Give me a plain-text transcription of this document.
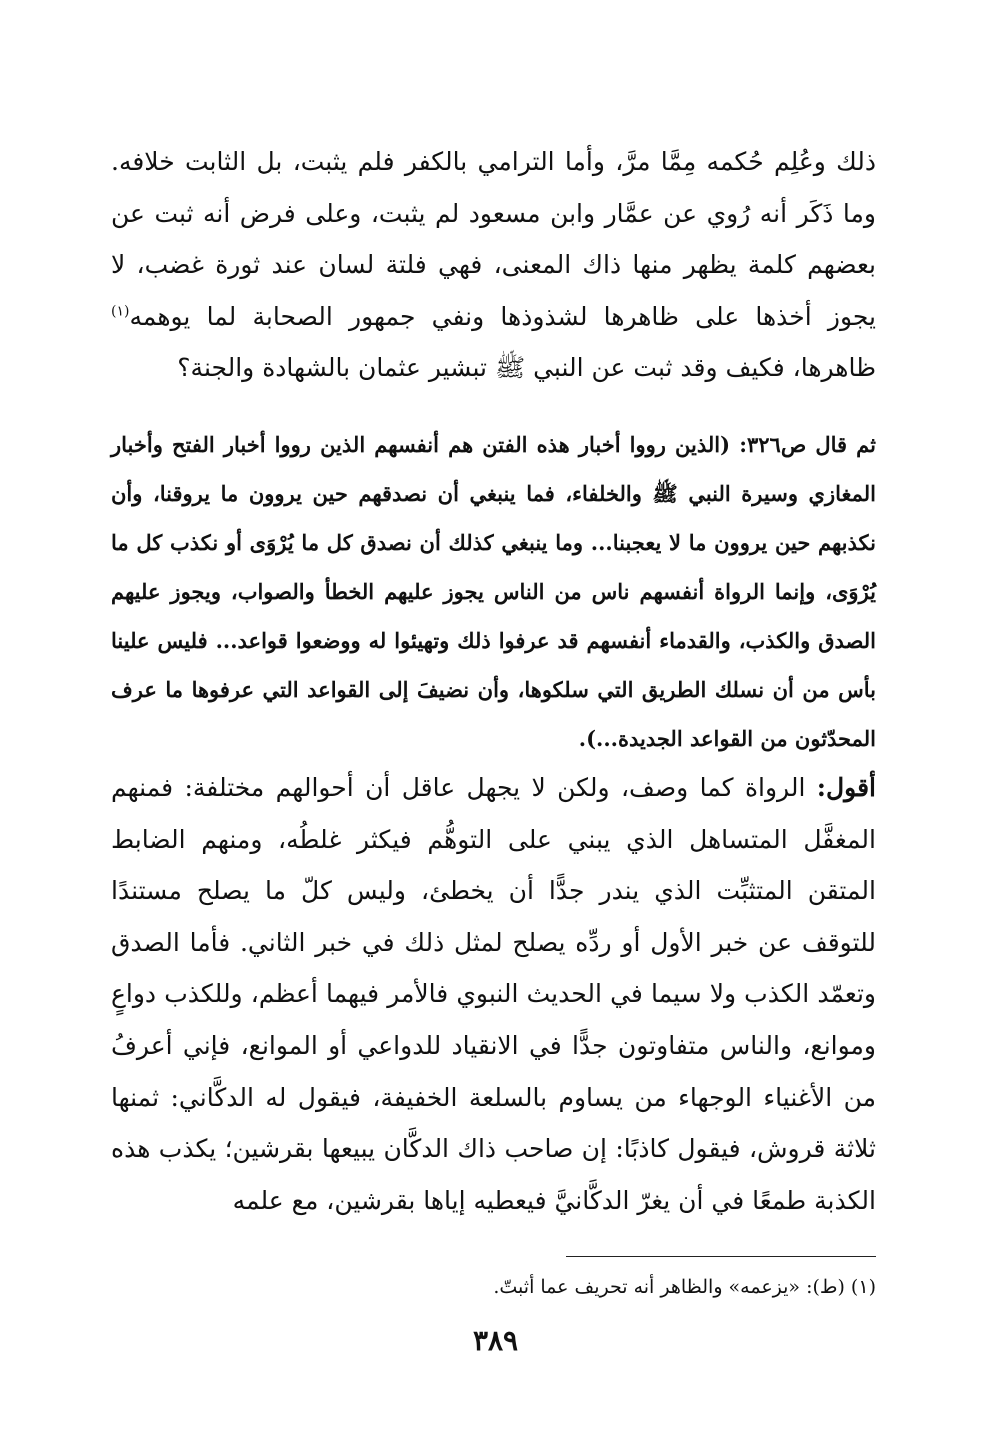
ذلك وعُلِم حُكمه مِمَّا مرَّ، وأما الترامي بالكفر فلم يثبت، بل الثابت خلافه. وما ذَكَر أنه رُوي عن عمَّار وابن مسعود لم يثبت، وعلى فرض أنه ثبت عن بعضهم كلمة يظهر منها ذاك المعنى، فهي فلتة لسان عند ثورة غضب، لا يجوز أخذها على ظاهرها لشذوذها ونفي جمهور الصحابة لما يوهمه$^{(١)}$ ظاهرها، فكيف وقد ثبت عن النبي ﷺ تبشير عثمان بالشهادة والجنة؟

ثم قال ص٣٢٦: (الذين رووا أخبار هذه الفتن هم أنفسهم الذين رووا أخبار الفتح وأخبار المغازي وسيرة النبي ﷺ والخلفاء، فما ينبغي أن نصدقهم حين يروون ما يروقنا، وأن نكذبهم حين يروون ما لا يعجبنا... وما ينبغي كذلك أن نصدق كل ما يُرْوَى أو نكذب كل ما يُرْوَى، وإنما الرواة أنفسهم ناس من الناس يجوز عليهم الخطأ والصواب، ويجوز عليهم الصدق والكذب، والقدماء أنفسهم قد عرفوا ذلك وتهيئوا له ووضعوا قواعد... فليس علينا بأس من أن نسلك الطريق التي سلكوها، وأن نضيفَ إلى القواعد التي عرفوها ما عرف المحدّثون من القواعد الجديدة...).

أقول: الرواة كما وصف، ولكن لا يجهل عاقل أن أحوالهم مختلفة: فمنهم المغفَّل المتساهل الذي يبني على التوهُّم فيكثر غلطُه، ومنهم الضابط المتقن المتثبِّت الذي يندر جدًّا أن يخطئ، وليس كلّ ما يصلح مستندًا للتوقف عن خبر الأول أو ردِّه يصلح لمثل ذلك في خبر الثاني. فأما الصدق وتعمّد الكذب ولا سيما في الحديث النبوي فالأمر فيهما أعظم، وللكذب دواعٍ وموانع، والناس متفاوتون جدًّا في الانقياد للدواعي أو الموانع، فإني أعرفُ من الأغنياء الوجهاء من يساوم بالسلعة الخفيفة، فيقول له الدكَّاني: ثمنها ثلاثة قروش، فيقول كاذبًا: إن صاحب ذاك الدكَّان يبيعها بقرشين؛ يكذب هذه الكذبة طمعًا في أن يغرّ الدكَّانيَّ فيعطيه إياها بقرشين، مع علمه

(١) (ط): «يزعمه» والظاهر أنه تحريف عما أثبتّ.

٣٨٩
